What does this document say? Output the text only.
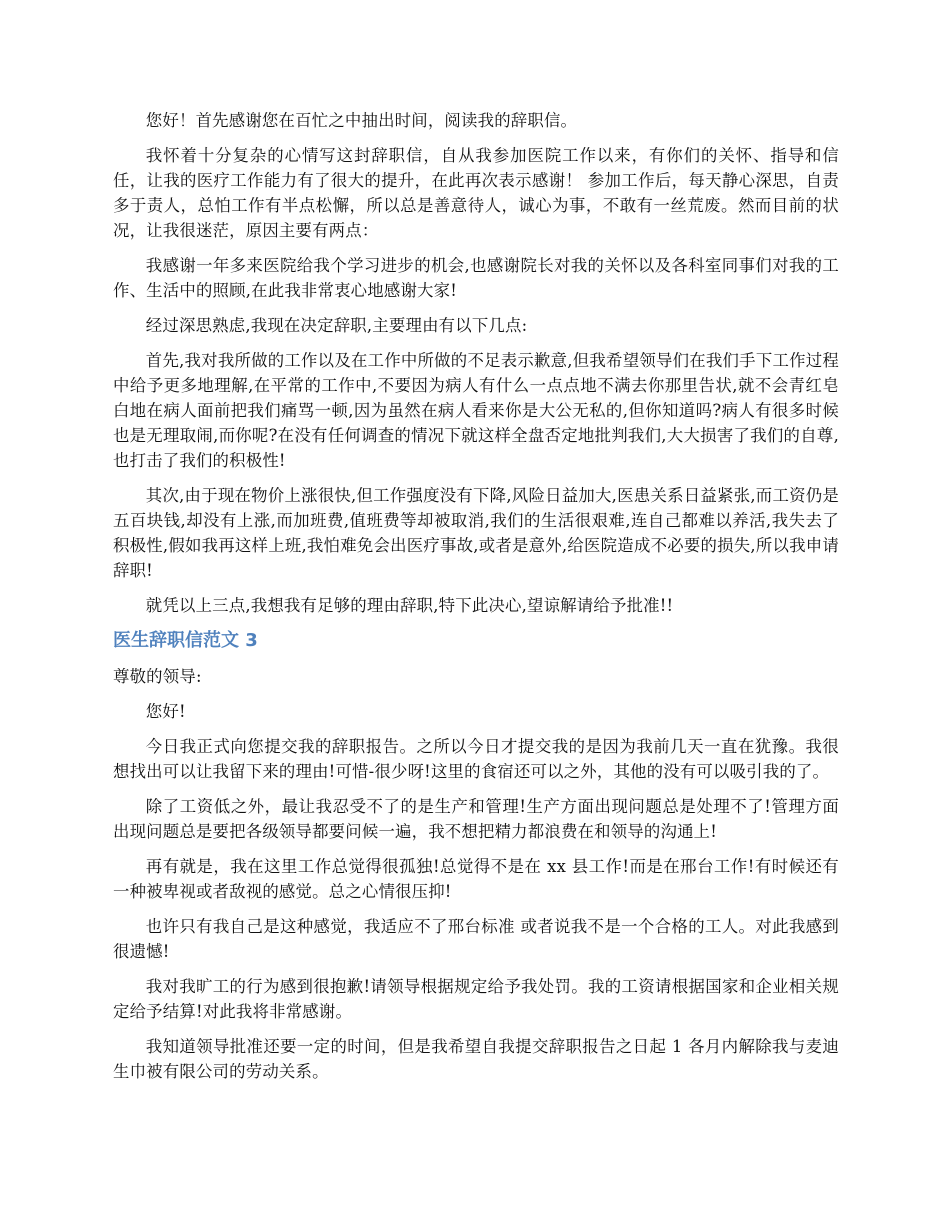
您好！首先感谢您在百忙之中抽出时间，阅读我的辞职信。

我怀着十分复杂的心情写这封辞职信，自从我参加医院工作以来，有你们的关怀、指导和信任，让我的医疗工作能力有了很大的提升，在此再次表示感谢！ 参加工作后，每天静心深思，自责多于责人，总怕工作有半点松懈，所以总是善意待人，诚心为事，不敢有一丝荒废。然而目前的状况，让我很迷茫，原因主要有两点：

我感谢一年多来医院给我个学习进步的机会,也感谢院长对我的关怀以及各科室同事们对我的工作、生活中的照顾,在此我非常衷心地感谢大家!

经过深思熟虑,我现在决定辞职,主要理由有以下几点:

首先,我对我所做的工作以及在工作中所做的不足表示歉意,但我希望领导们在我们手下工作过程中给予更多地理解,在平常的工作中,不要因为病人有什么一点点地不满去你那里告状,就不会青红皂白地在病人面前把我们痛骂一顿,因为虽然在病人看来你是大公无私的,但你知道吗?病人有很多时候也是无理取闹,而你呢?在没有任何调查的情况下就这样全盘否定地批判我们,大大损害了我们的自尊,也打击了我们的积极性!

其次,由于现在物价上涨很快,但工作强度没有下降,风险日益加大,医患关系日益紧张,而工资仍是五百块钱,却没有上涨,而加班费,值班费等却被取消,我们的生活很艰难,连自己都难以养活,我失去了积极性,假如我再这样上班,我怕难免会出医疗事故,或者是意外,给医院造成不必要的损失,所以我申请辞职!

就凭以上三点,我想我有足够的理由辞职,特下此决心,望谅解请给予批准!!

医生辞职信范文 3

尊敬的领导:

您好!

今日我正式向您提交我的辞职报告。之所以今日才提交我的是因为我前几天一直在犹豫。我很想找出可以让我留下来的理由!可惜-很少呀!这里的食宿还可以之外，其他的没有可以吸引我的了。

除了工资低之外，最让我忍受不了的是生产和管理!生产方面出现问题总是处理不了!管理方面出现问题总是要把各级领导都要问候一遍，我不想把精力都浪费在和领导的沟通上!

再有就是，我在这里工作总觉得很孤独!总觉得不是在 xx 县工作!而是在邢台工作!有时候还有一种被卑视或者敌视的感觉。总之心情很压抑!

也许只有我自己是这种感觉，我适应不了邢台标准 或者说我不是一个合格的工人。对此我感到很遗憾!

我对我旷工的行为感到很抱歉!请领导根据规定给予我处罚。我的工资请根据国家和企业相关规定给予结算!对此我将非常感谢。

我知道领导批准还要一定的时间，但是我希望自我提交辞职报告之日起 1 各月内解除我与麦迪生巾被有限公司的劳动关系。
